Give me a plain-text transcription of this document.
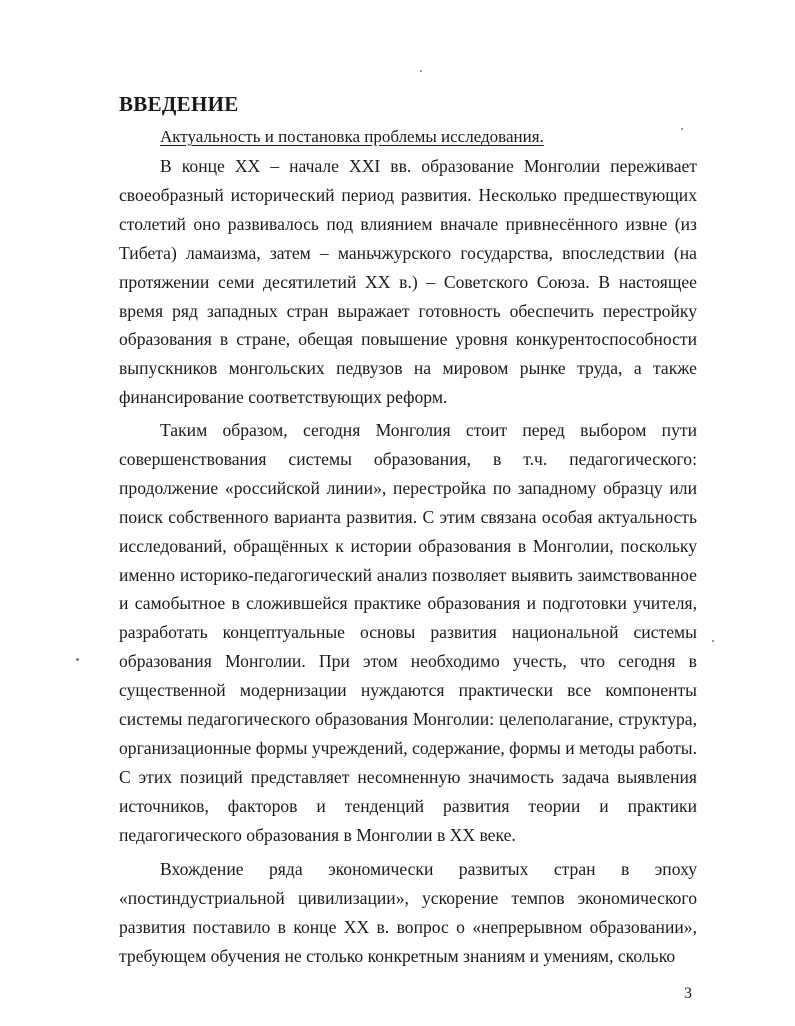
ВВЕДЕНИЕ

Актуальность и постановка проблемы исследования.

В конце XX – начале XXI вв. образование Монголии переживает своеобразный исторический период развития. Несколько предшествующих столетий оно развивалось под влиянием вначале привнесённого извне (из Тибета) ламаизма, затем – маньчжурского государства, впоследствии (на протяжении семи десятилетий XX в.) – Советского Союза. В настоящее время ряд западных стран выражает готовность обеспечить перестройку образования в стране, обещая повышение уровня конкурентоспособности выпускников монгольских педвузов на мировом рынке труда, а также финансирование соответствующих реформ.

Таким образом, сегодня Монголия стоит перед выбором пути совершенствования системы образования, в т.ч. педагогического: продолжение «российской линии», перестройка по западному образцу или поиск собственного варианта развития. С этим связана особая актуальность исследований, обращённых к истории образования в Монголии, поскольку именно историко-педагогический анализ позволяет выявить заимствованное и самобытное в сложившейся практике образования и подготовки учителя, разработать концептуальные основы развития национальной системы образования Монголии. При этом необходимо учесть, что сегодня в существенной модернизации нуждаются практически все компоненты системы педагогического образования Монголии: целеполагание, структура, организационные формы учреждений, содержание, формы и методы работы. С этих позиций представляет несомненную значимость задача выявления источников, факторов и тенденций развития теории и практики педагогического образования в Монголии в XX веке.

Вхождение ряда экономически развитых стран в эпоху «постиндустриальной цивилизации», ускорение темпов экономического развития поставило в конце XX в. вопрос о «непрерывном образовании», требующем обучения не столько конкретным знаниям и умениям, сколько

3
